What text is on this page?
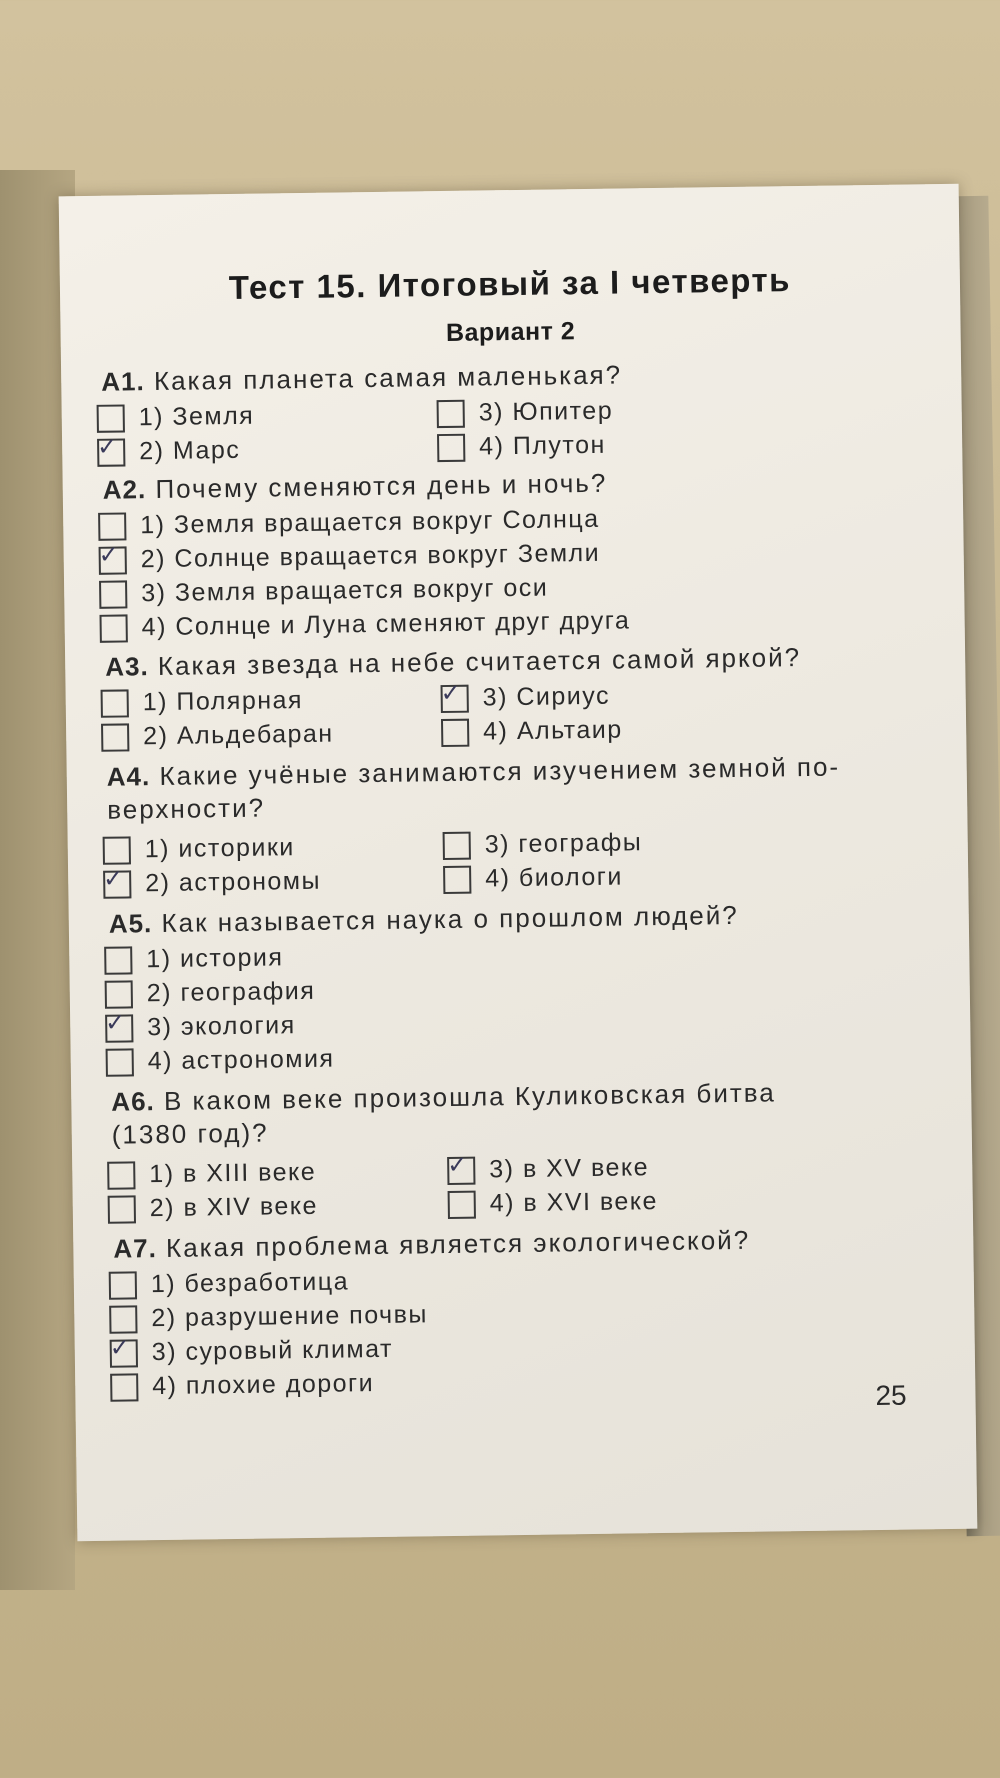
Тест 15. Итоговый за I четверть
Вариант 2
А1. Какая планета самая маленькая?
1) Земля
✓ 2) Марс
3) Юпитер
4) Плутон
А2. Почему сменяются день и ночь?
1) Земля вращается вокруг Солнца
✓ 2) Солнце вращается вокруг Земли
3) Земля вращается вокруг оси
4) Солнце и Луна сменяют друг друга
А3. Какая звезда на небе считается самой яркой?
1) Полярная
2) Альдебаран
✓ 3) Сириус
4) Альтаир
А4. Какие учёные занимаются изучением земной по-
верхности?
1) историки
✓ 2) астрономы
3) географы
4) биологи
А5. Как называется наука о прошлом людей?
1) история
2) география
✓ 3) экология
4) астрономия
А6. В каком веке произошла Куликовская битва
(1380 год)?
1) в XIII веке
2) в XIV веке
✓ 3) в XV веке
4) в XVI веке
А7. Какая проблема является экологической?
1) безработица
2) разрушение почвы
✓ 3) суровый климат
4) плохие дороги	25
